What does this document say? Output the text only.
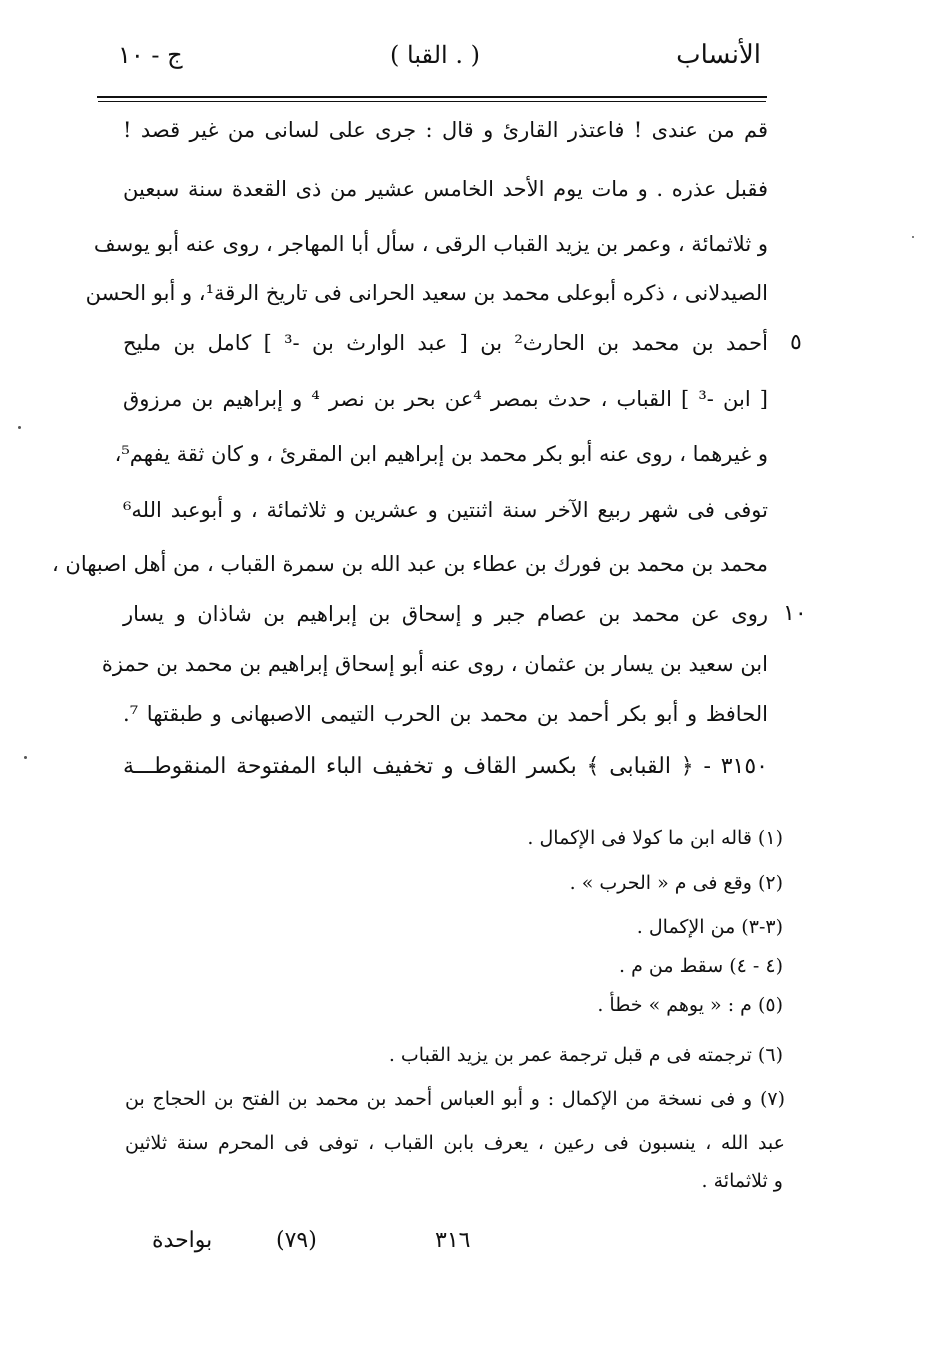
الأنساب
( القبا . )
ج - ١٠
قم من عندى ! فاعتذر القارئ و قال : جرى على لسانى من غير قصد !
فقبل عذره . و مات يوم الأحد الخامس عشير من ذى القعدة سنة سبعين
و ثلاثمائة ، وعمر بن يزيد القباب الرقى ، سأل أبا المهاجر ، روى عنه أبو يوسف
الصيدلانى ، ذكره أبوعلى محمد بن سعيد الحرانى فى تاريخ الرقة¹، و أبو الحسن
أحمد بن محمد بن الحارث² بن [ عبد الوارث بن -³ ] كامل بن مليح
[ ابن -³ ] القباب ، حدث بمصر ⁴عن بحر بن نصر ⁴ و إبراهيم بن مرزوق
و غيرهما ، روى عنه أبو بكر محمد بن إبراهيم ابن المقرئ ، و كان ثقة يفهم⁵،
توفى فى شهر ربيع الآخر سنة اثنتين و عشرين و ثلاثمائة ، و أبوعبد الله⁶
محمد بن محمد بن فورك بن عطاء بن عبد الله بن سمرة القباب ، من أهل اصبهان ،
روى عن محمد بن عصام جبر و إسحاق بن إبراهيم بن شاذان و يسار
ابن سعيد بن يسار بن عثمان ، روى عنه أبو إسحاق إبراهيم بن محمد بن حمزة
الحافظ و أبو بكر أحمد بن محمد بن الحرب التيمى الاصبهانى و طبقتها ⁷.
٣١٥٠ - ﴿ القبابى ﴾ بكسر القاف و تخفيف الباء المفتوحة المنقوطـــة
٥
١٠
(١) قاله ابن ما كولا فى الإكمال .
(٢) وقع فى م « الحرب » .
(٣-٣) من الإكمال .
(٤ - ٤) سقط من م .
(٥) م : « يوهم » خطأ .
(٦) ترجمته فى م قبل ترجمة عمر بن يزيد القباب .
(٧) و فى نسخة من الإكمال : و أبو العباس أحمد بن محمد بن الفتح بن الحجاج بن
عبد الله ، ينسبون فى رعين ، يعرف بابن القباب ، توفى فى المحرم سنة ثلاثين
و ثلاثمائة .
٣١٦
(٧٩)
بواحدة
